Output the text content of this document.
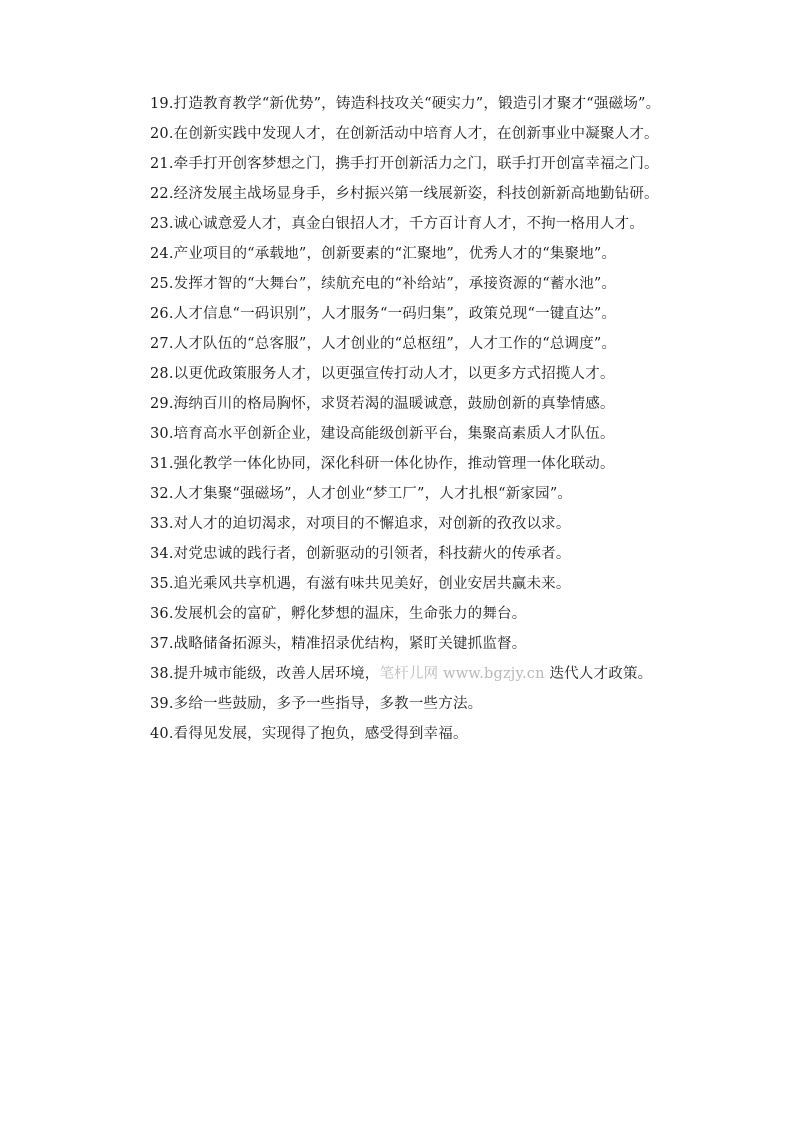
19.打造教育教学“新优势”，铸造科技攻关“硬实力”，锻造引才聚才“强磁场”。

20.在创新实践中发现人才，在创新活动中培育人才，在创新事业中凝聚人才。

21.牵手打开创客梦想之门，携手打开创新活力之门，联手打开创富幸福之门。

22.经济发展主战场显身手，乡村振兴第一线展新姿，科技创新新高地勤钻研。

23.诚心诚意爱人才，真金白银招人才，千方百计育人才，不拘一格用人才。

24.产业项目的“承载地”，创新要素的“汇聚地”，优秀人才的“集聚地”。

25.发挥才智的“大舞台”，续航充电的“补给站”，承接资源的“蓄水池”。

26.人才信息“一码识别”，人才服务“一码归集”，政策兑现“一键直达”。

27.人才队伍的“总客服”，人才创业的“总枢纽”，人才工作的“总调度”。

28.以更优政策服务人才，以更强宣传打动人才，以更多方式招揽人才。

29.海纳百川的格局胸怀，求贤若渴的温暖诚意，鼓励创新的真挚情感。

30.培育高水平创新企业，建设高能级创新平台，集聚高素质人才队伍。

31.强化教学一体化协同，深化科研一体化协作，推动管理一体化联动。

32.人才集聚“强磁场”，人才创业“梦工厂”，人才扎根“新家园”。

33.对人才的迫切渴求，对项目的不懈追求，对创新的孜孜以求。

34.对党忠诚的践行者，创新驱动的引领者，科技薪火的传承者。

35.追光乘风共享机遇，有滋有味共见美好，创业安居共赢未来。

36.发展机会的富矿，孵化梦想的温床，生命张力的舞台。

37.战略储备拓源头，精准招录优结构，紧盯关键抓监督。

38.提升城市能级，改善人居环境，笔杆儿网 www.bgzjy.cn 迭代人才政策。

39.多给一些鼓励，多予一些指导，多教一些方法。

40.看得见发展，实现得了抱负，感受得到幸福。
